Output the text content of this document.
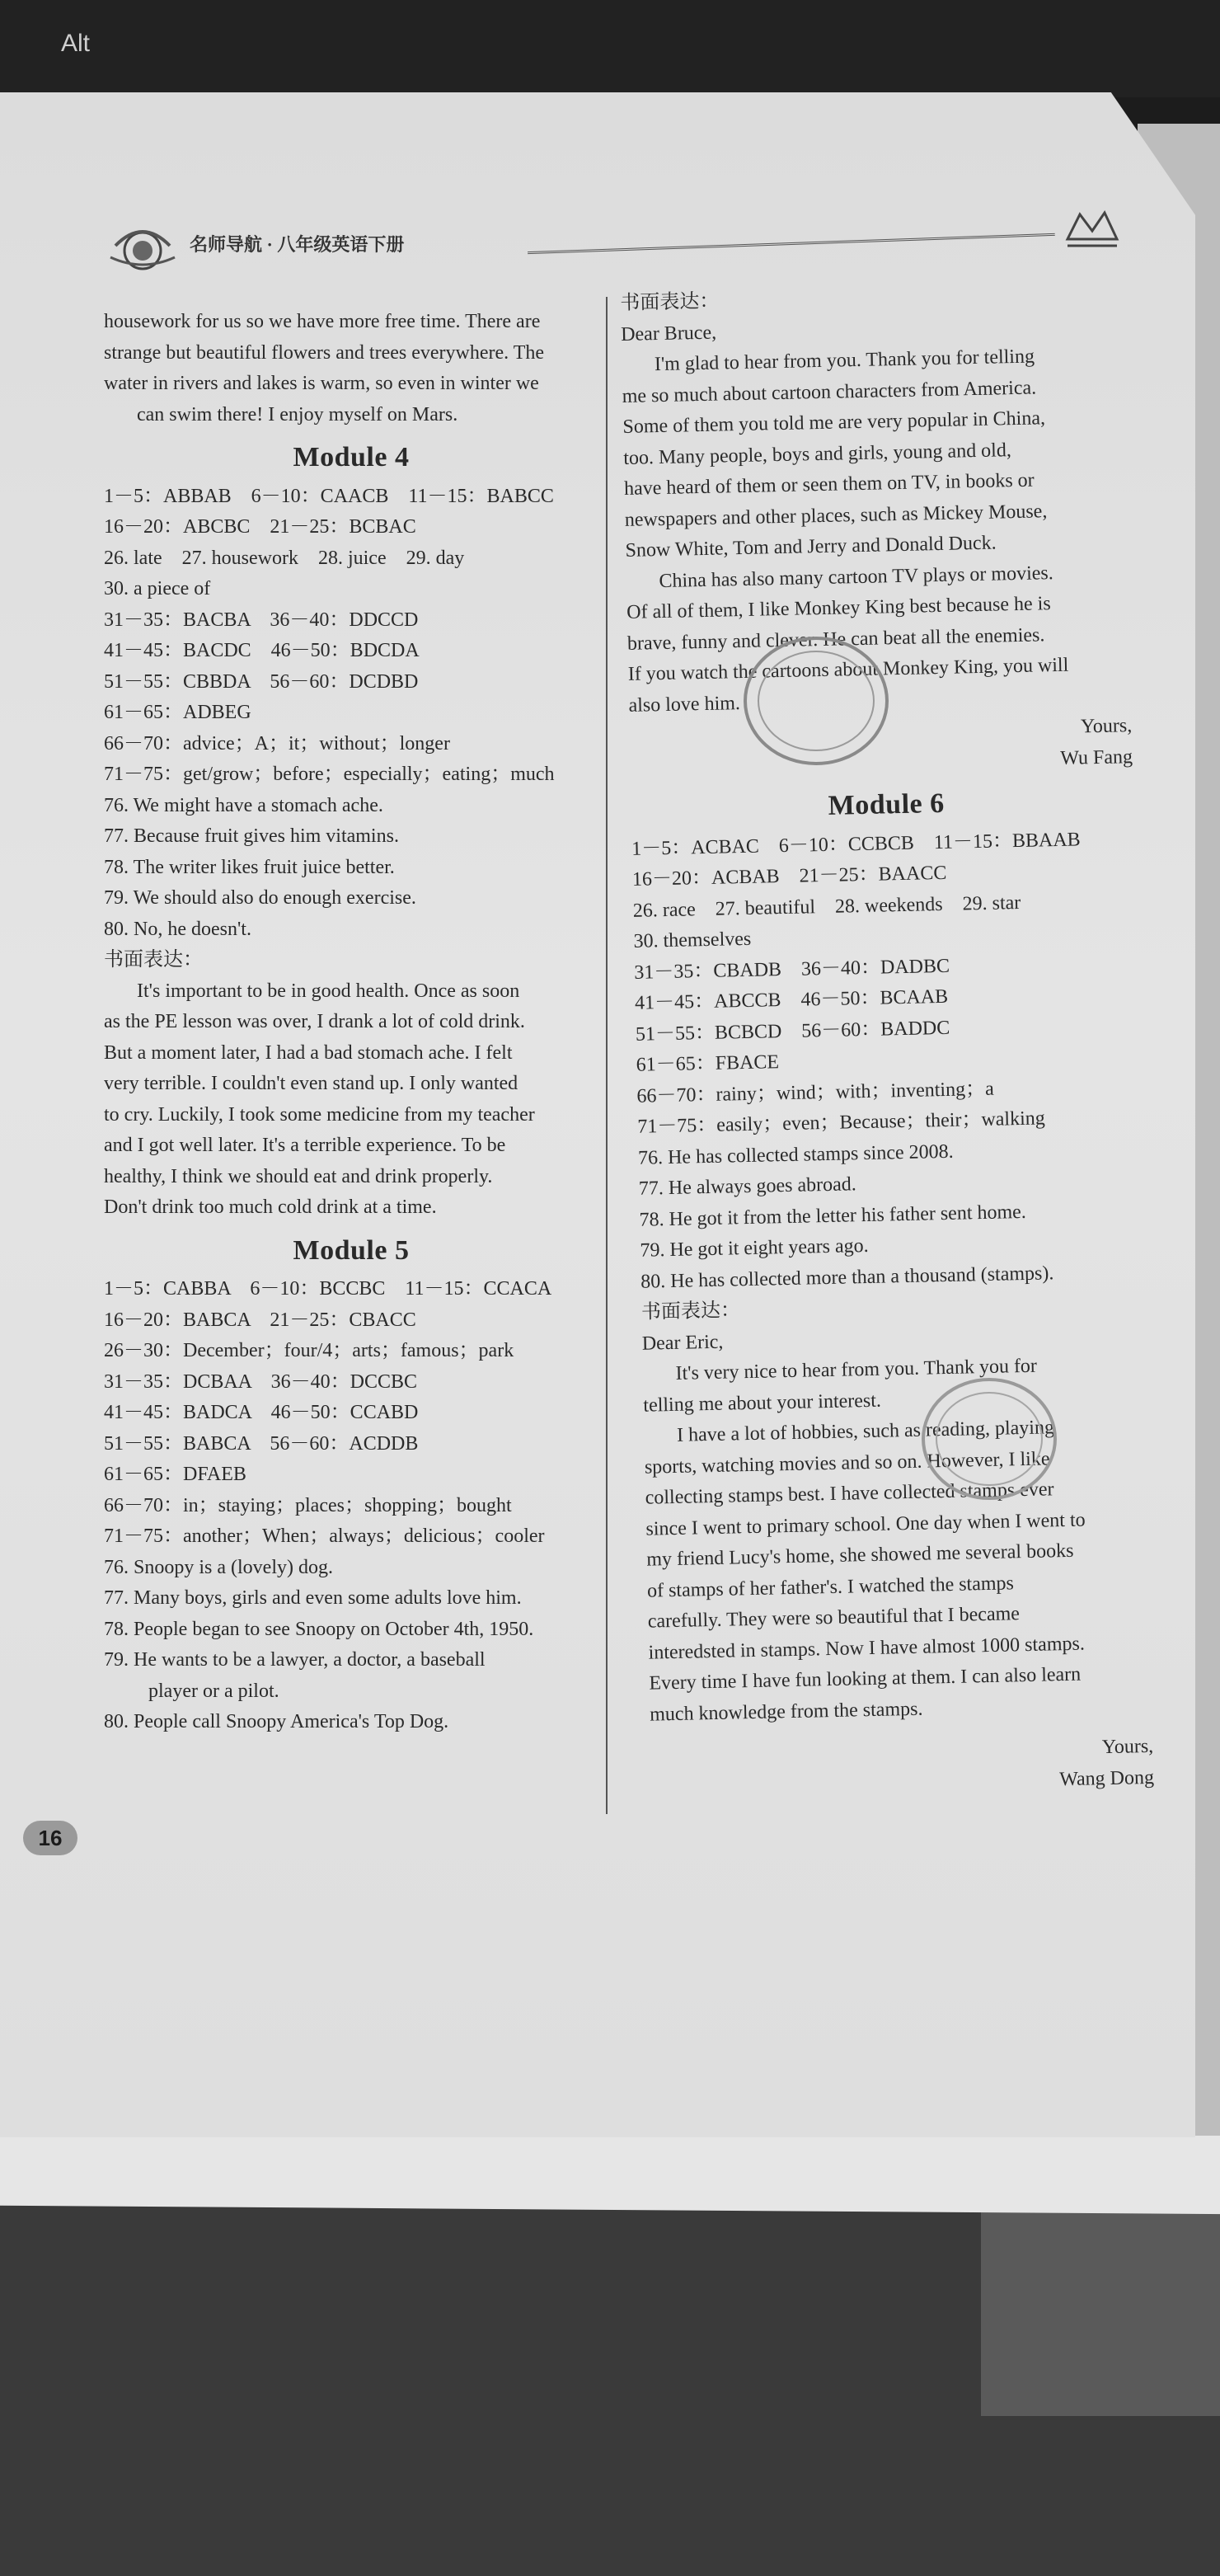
Alt
名师导航 · 八年级英语下册
housework for us so we have more free time. There are
strange but beautiful flowers and trees everywhere. The
water in rivers and lakes is warm, so even in winter we
can swim there! I enjoy myself on Mars.
Module 4
1－5：ABBAB　6－10：CAACB　11－15：BABCC
16－20：ABCBC　21－25：BCBAC
26. late　27. housework　28. juice　29. day
30. a piece of
31－35：BACBA　36－40：DDCCD
41－45：BACDC　46－50：BDCDA
51－55：CBBDA　56－60：DCDBD
61－65：ADBEG
66－70：advice；A；it；without；longer
71－75：get/grow；before；especially；eating；much
76. We might have a stomach ache.
77. Because fruit gives him vitamins.
78. The writer likes fruit juice better.
79. We should also do enough exercise.
80. No, he doesn't.
书面表达：
It's important to be in good health. Once as soon
as the PE lesson was over, I drank a lot of cold drink.
But a moment later, I had a bad stomach ache. I felt
very terrible. I couldn't even stand up. I only wanted
to cry. Luckily, I took some medicine from my teacher
and I got well later. It's a terrible experience. To be
healthy, I think we should eat and drink properly.
Don't drink too much cold drink at a time.
Module 5
1－5：CABBA　6－10：BCCBC　11－15：CCACA
16－20：BABCA　21－25：CBACC
26－30：December；four/4；arts；famous；park
31－35：DCBAA　36－40：DCCBC
41－45：BADCA　46－50：CCABD
51－55：BABCA　56－60：ACDDB
61－65：DFAEB
66－70：in；staying；places；shopping；bought
71－75：another；When；always；delicious；cooler
76. Snoopy is a (lovely) dog.
77. Many boys, girls and even some adults love him.
78. People began to see Snoopy on October 4th, 1950.
79. He wants to be a lawyer, a doctor, a baseball
player or a pilot.
80. People call Snoopy America's Top Dog.
书面表达：
Dear Bruce,
I'm glad to hear from you. Thank you for telling
me so much about cartoon characters from America.
Some of them you told me are very popular in China,
too. Many people, boys and girls, young and old,
have heard of them or seen them on TV, in books or
newspapers and other places, such as Mickey Mouse,
Snow White, Tom and Jerry and Donald Duck.
China has also many cartoon TV plays or movies.
Of all of them, I like Monkey King best because he is
brave, funny and clever. He can beat all the enemies.
If you watch the cartoons about Monkey King, you will
also love him.
Yours,
Wu Fang
Module 6
1－5：ACBAC　6－10：CCBCB　11－15：BBAAB
16－20：ACBAB　21－25：BAACC
26. race　27. beautiful　28. weekends　29. star
30. themselves
31－35：CBADB　36－40：DADBC
41－45：ABCCB　46－50：BCAAB
51－55：BCBCD　56－60：BADDC
61－65：FBACE
66－70：rainy；wind；with；inventing；a
71－75：easily；even；Because；their；walking
76. He has collected stamps since 2008.
77. He always goes abroad.
78. He got it from the letter his father sent home.
79. He got it eight years ago.
80. He has collected more than a thousand (stamps).
书面表达：
Dear Eric,
It's very nice to hear from you. Thank you for
telling me about your interest.
I have a lot of hobbies, such as reading, playing
sports, watching movies and so on. However, I like
collecting stamps best. I have collected stamps ever
since I went to primary school. One day when I went to
my friend Lucy's home, she showed me several books
of stamps of her father's. I watched the stamps
carefully. They were so beautiful that I became
interedsted in stamps. Now I have almost 1000 stamps.
Every time I have fun looking at them. I can also learn
much knowledge from the stamps.
Yours,
Wang Dong
16
